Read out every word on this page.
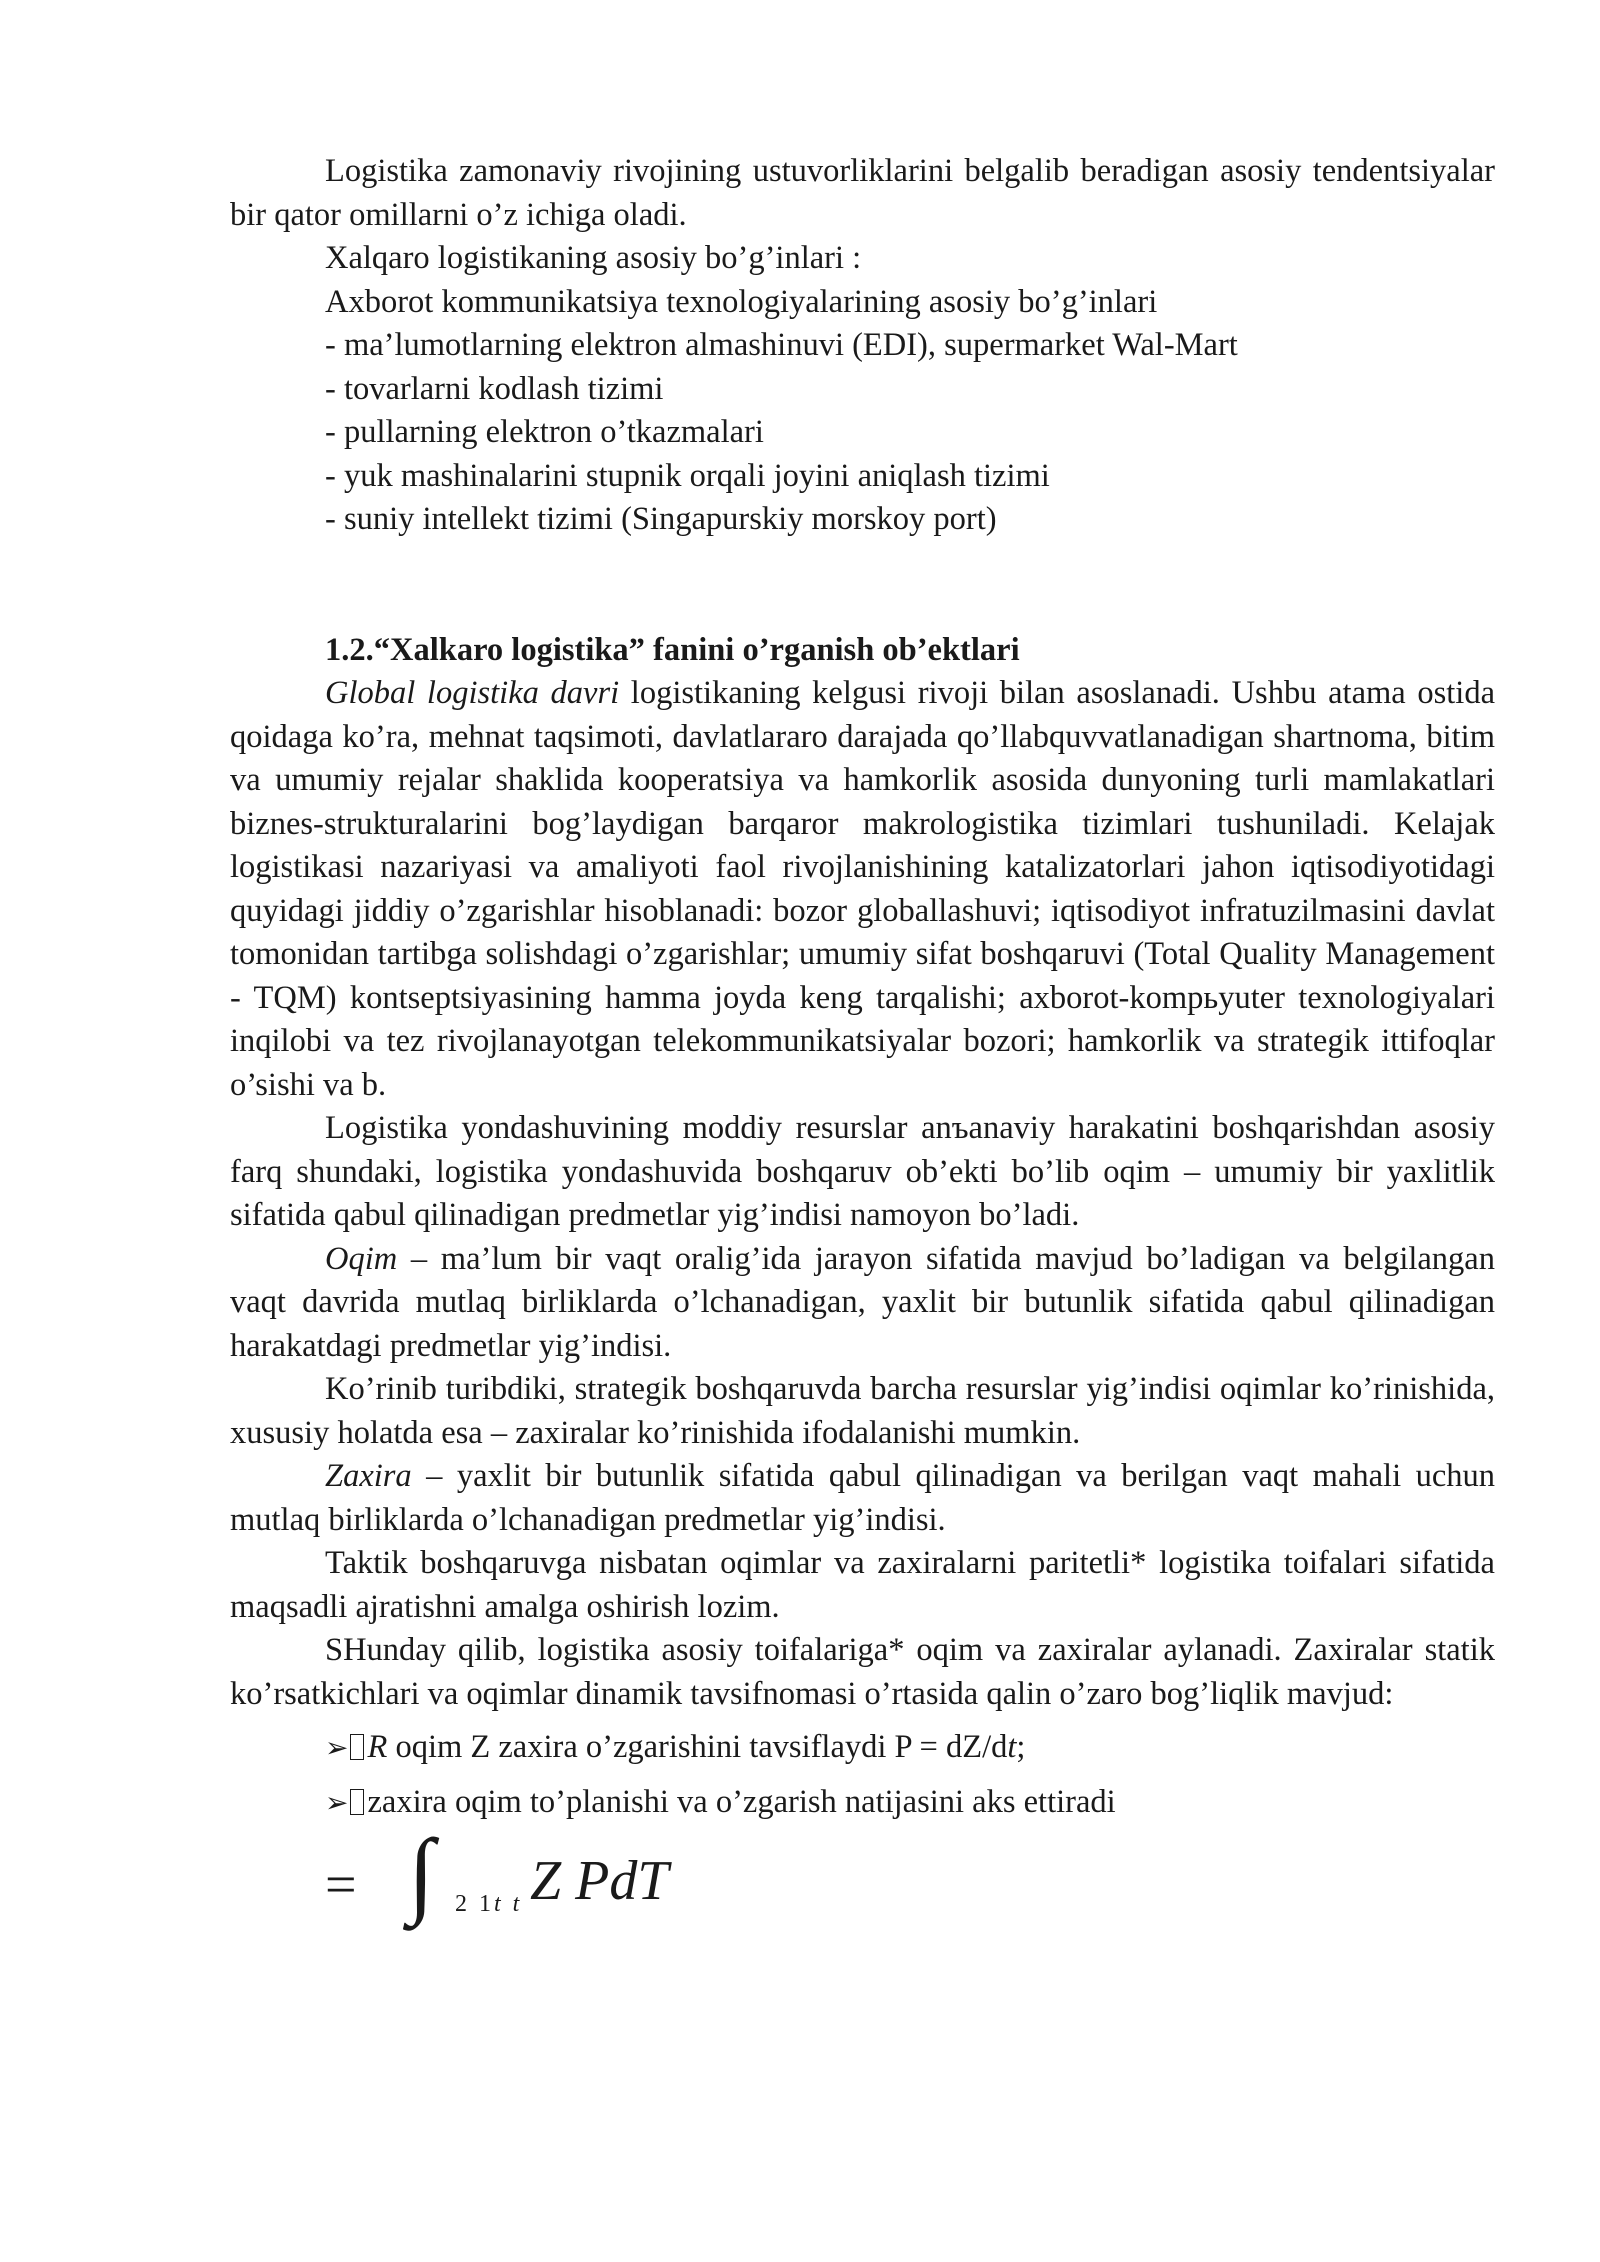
Logistika zamonaviy rivojining ustuvorliklarini belgalib beradigan asosiy tendentsiyalar bir qator omillarni o’z ichiga oladi.

Xalqaro logistikaning asosiy bo’g’inlari :

Axborot kommunikatsiya texnologiyalarining asosiy bo’g’inlari

- ma’lumotlarning elektron almashinuvi (EDI), supermarket Wal-Mart

- tovarlarni kodlash tizimi

- pullarning elektron o’tkazmalari

- yuk mashinalarini stupnik orqali joyini aniqlash tizimi

- suniy intellekt tizimi (Singapurskiy morskoy port)

1.2.“Xalkaro logistika” fanini o’rganish ob’ektlari

Global logistika davri logistikaning kelgusi rivoji bilan asoslanadi. Ushbu atama ostida qoidaga ko’ra, mehnat taqsimoti, davlatlararo darajada qo’llabquvvatlanadigan shartnoma, bitim va umumiy rejalar shaklida kooperatsiya va hamkorlik asosida dunyoning turli mamlakatlari biznes-strukturalarini bog’laydigan barqaror makrologistika tizimlari tushuniladi. Kelajak logistikasi nazariyasi va amaliyoti faol rivojlanishining katalizatorlari jahon iqtisodiyotidagi quyidagi jiddiy o’zgarishlar hisoblanadi: bozor globallashuvi; iqtisodiyot infratuzilmasini davlat tomonidan tartibga solishdagi o’zgarishlar; umumiy sifat boshqaruvi (Total Quality Management - TQM) kontseptsiyasining hamma joyda keng tarqalishi; axborot-kompьyuter texnologiyalari inqilobi va tez rivojlanayotgan telekommunikatsiyalar bozori; hamkorlik va strategik ittifoqlar o’sishi va b.

Logistika yondashuvining moddiy resurslar anъanaviy harakatini boshqarishdan asosiy farq shundaki, logistika yondashuvida boshqaruv ob’ekti bo’lib oqim – umumiy bir yaxlitlik sifatida qabul qilinadigan predmetlar yig’indisi namoyon bo’ladi.

Oqim – ma’lum bir vaqt oralig’ida jarayon sifatida mavjud bo’ladigan va belgilangan vaqt davrida mutlaq birliklarda o’lchanadigan, yaxlit bir butunlik sifatida qabul qilinadigan harakatdagi predmetlar yig’indisi.

Ko’rinib turibdiki, strategik boshqaruvda barcha resurslar yig’indisi oqimlar ko’rinishida, xususiy holatda esa – zaxiralar ko’rinishida ifodalanishi mumkin.

Zaxira – yaxlit bir butunlik sifatida qabul qilinadigan va berilgan vaqt mahali uchun mutlaq birliklarda o’lchanadigan predmetlar yig’indisi.

Taktik boshqaruvga nisbatan oqimlar va zaxiralarni paritetli* logistika toifalari sifatida maqsadli ajratishni amalga oshirish lozim.

SHunday qilib, logistika asosiy toifalariga* oqim va zaxiralar aylanadi. Zaxiralar statik ko’rsatkichlari va oqimlar dinamik tavsifnomasi o’rtasida qalin o’zaro bog’liqlik mavjud:

➢ R oqim Z zaxira o’zgarishini tavsiflaydi P = dZ/dt;

➢ zaxira oqim to’planishi va o’zgarish natijasini aks ettiradi

= ∫ 2 1t t Z PdT
